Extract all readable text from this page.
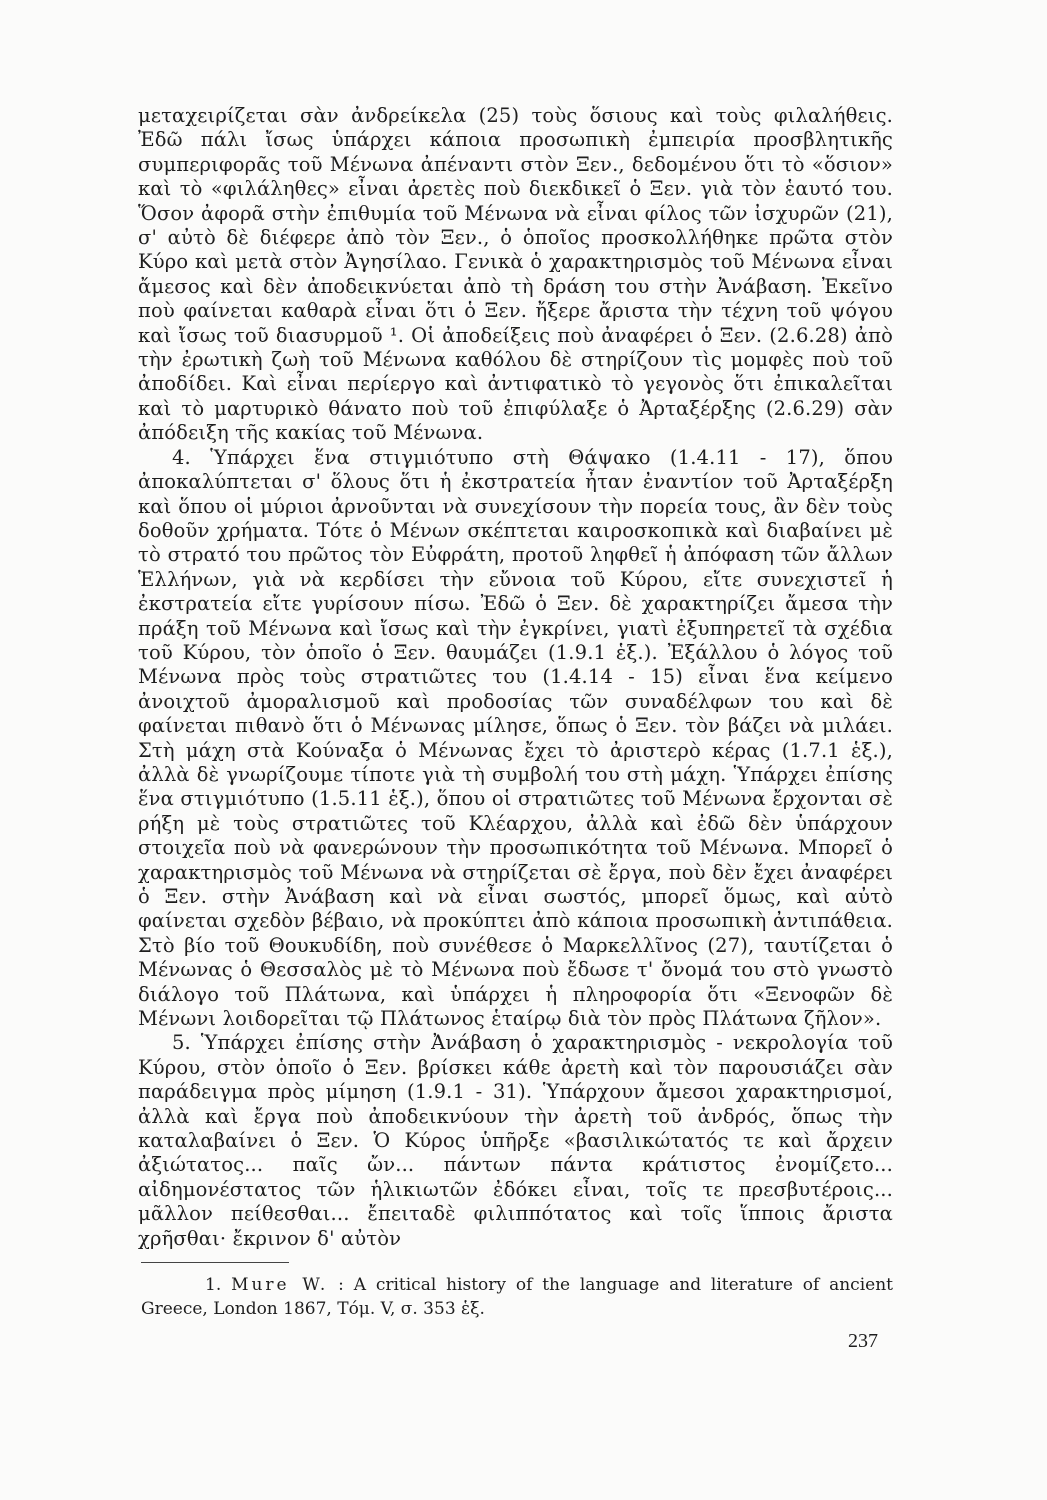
μεταχειρίζεται σὰν ἀνδρείκελα (25) τοὺς ὅσιους καὶ τοὺς φιλαλήθεις. Ἐδῶ πάλι ἴσως ὑπάρχει κάποια προσωπικὴ ἐμπειρία προσβλητικῆς συμπεριφορᾶς τοῦ Μένωνα ἀπέναντι στὸν Ξεν., δεδομένου ὅτι τὸ «ὅσιον» καὶ τὸ «φιλάληθες» εἶναι ἀρετὲς ποὺ διεκδικεῖ ὁ Ξεν. γιὰ τὸν ἑαυτό του. Ὅσον ἀφορᾶ στὴν ἐπιθυμία τοῦ Μένωνα νὰ εἶναι φίλος τῶν ἰσχυρῶν (21), σ' αὐτὸ δὲ διέφερε ἀπὸ τὸν Ξεν., ὁ ὁποῖος προσκολλήθηκε πρῶτα στὸν Κύρο καὶ μετὰ στὸν Ἀγησίλαο. Γενικὰ ὁ χαρακτηρισμὸς τοῦ Μένωνα εἶναι ἄμεσος καὶ δὲν ἀποδεικνύεται ἀπὸ τὴ δράση του στὴν Ἀνάβαση. Ἐκεῖνο ποὺ φαίνεται καθαρὰ εἶναι ὅτι ὁ Ξεν. ἤξερε ἄριστα τὴν τέχνη τοῦ ψόγου καὶ ἴσως τοῦ διασυρμοῦ ¹. Οἱ ἀποδείξεις ποὺ ἀναφέρει ὁ Ξεν. (2.6.28) ἀπὸ τὴν ἐρωτικὴ ζωὴ τοῦ Μένωνα καθόλου δὲ στηρίζουν τὶς μομφὲς ποὺ τοῦ ἀποδίδει. Καὶ εἶναι περίεργο καὶ ἀντιφατικὸ τὸ γεγονὸς ὅτι ἐπικαλεῖται καὶ τὸ μαρτυρικὸ θάνατο ποὺ τοῦ ἐπιφύλαξε ὁ Ἀρταξέρξης (2.6.29) σὰν ἀπόδειξη τῆς κακίας τοῦ Μένωνα.

4. Ὑπάρχει ἕνα στιγμιότυπο στὴ Θάψακο (1.4.11 - 17), ὅπου ἀποκαλύπτεται σ' ὅλους ὅτι ἡ ἐκστρατεία ἦταν ἐναντίον τοῦ Ἀρταξέρξη καὶ ὅπου οἱ μύριοι ἀρνοῦνται νὰ συνεχίσουν τὴν πορεία τους, ἂν δὲν τοὺς δοθοῦν χρήματα. Τότε ὁ Μένων σκέπτεται καιροσκοπικὰ καὶ διαβαίνει μὲ τὸ στρατό του πρῶτος τὸν Εὐφράτη, προτοῦ ληφθεῖ ἡ ἀπόφαση τῶν ἄλλων Ἑλλήνων, γιὰ νὰ κερδίσει τὴν εὔνοια τοῦ Κύρου, εἴτε συνεχιστεῖ ἡ ἐκστρατεία εἴτε γυρίσουν πίσω. Ἐδῶ ὁ Ξεν. δὲ χαρακτηρίζει ἄμεσα τὴν πράξη τοῦ Μένωνα καὶ ἴσως καὶ τὴν ἐγκρίνει, γιατὶ ἐξυπηρετεῖ τὰ σχέδια τοῦ Κύρου, τὸν ὁποῖο ὁ Ξεν. θαυμάζει (1.9.1 ἑξ.). Ἐξάλλου ὁ λόγος τοῦ Μένωνα πρὸς τοὺς στρατιῶτες του (1.4.14 - 15) εἶναι ἕνα κείμενο ἀνοιχτοῦ ἀμοραλισμοῦ καὶ προδοσίας τῶν συναδέλφων του καὶ δὲ φαίνεται πιθανὸ ὅτι ὁ Μένωνας μίλησε, ὅπως ὁ Ξεν. τὸν βάζει νὰ μιλάει. Στὴ μάχη στὰ Κούναξα ὁ Μένωνας ἔχει τὸ ἀριστερὸ κέρας (1.7.1 ἑξ.), ἀλλὰ δὲ γνωρίζουμε τίποτε γιὰ τὴ συμβολή του στὴ μάχη. Ὑπάρχει ἐπίσης ἕνα στιγμιότυπο (1.5.11 ἑξ.), ὅπου οἱ στρατιῶτες τοῦ Μένωνα ἔρχονται σὲ ρήξη μὲ τοὺς στρατιῶτες τοῦ Κλέαρχου, ἀλλὰ καὶ ἐδῶ δὲν ὑπάρχουν στοιχεῖα ποὺ νὰ φανερώνουν τὴν προσωπικότητα τοῦ Μένωνα. Μπορεῖ ὁ χαρακτηρισμὸς τοῦ Μένωνα νὰ στηρίζεται σὲ ἔργα, ποὺ δὲν ἔχει ἀναφέρει ὁ Ξεν. στὴν Ἀνάβαση καὶ νὰ εἶναι σωστός, μπορεῖ ὅμως, καὶ αὐτὸ φαίνεται σχεδὸν βέβαιο, νὰ προκύπτει ἀπὸ κάποια προσωπικὴ ἀντιπάθεια. Στὸ βίο τοῦ Θουκυδίδη, ποὺ συνέθεσε ὁ Μαρκελλῖνος (27), ταυτίζεται ὁ Μένωνας ὁ Θεσσαλὸς μὲ τὸ Μένωνα ποὺ ἔδωσε τ' ὄνομά του στὸ γνωστὸ διάλογο τοῦ Πλάτωνα, καὶ ὑπάρχει ἡ πληροφορία ὅτι «Ξενοφῶν δὲ Μένωνι λοιδορεῖται τῷ Πλάτωνος ἑταίρῳ διὰ τὸν πρὸς Πλάτωνα ζῆλον».

5. Ὑπάρχει ἐπίσης στὴν Ἀνάβαση ὁ χαρακτηρισμὸς - νεκρολογία τοῦ Κύρου, στὸν ὁποῖο ὁ Ξεν. βρίσκει κάθε ἀρετὴ καὶ τὸν παρουσιάζει σὰν παράδειγμα πρὸς μίμηση (1.9.1 - 31). Ὑπάρχουν ἄμεσοι χαρακτηρισμοί, ἀλλὰ καὶ ἔργα ποὺ ἀποδεικνύουν τὴν ἀρετὴ τοῦ ἀνδρός, ὅπως τὴν καταλαβαίνει ὁ Ξεν. Ὁ Κύρος ὑπῆρξε «βασιλικώτατός τε καὶ ἄρχειν ἀξιώτατος... παῖς ὤν... πάντων πάντα κράτιστος ἐνομίζετο... αἰδημονέστατος τῶν ἡλικιωτῶν ἐδόκει εἶναι, τοῖς τε πρεσβυτέροις... μᾶλλον πείθεσθαι... ἔπειταδὲ φιλιππότατος καὶ τοῖς ἵπποις ἄριστα χρῆσθαι· ἔκρινον δ' αὐτὸν

1. Mure W. : A critical history of the language and literature of ancient Greece, London 1867, Τόμ. V, σ. 353 ἑξ.
237
